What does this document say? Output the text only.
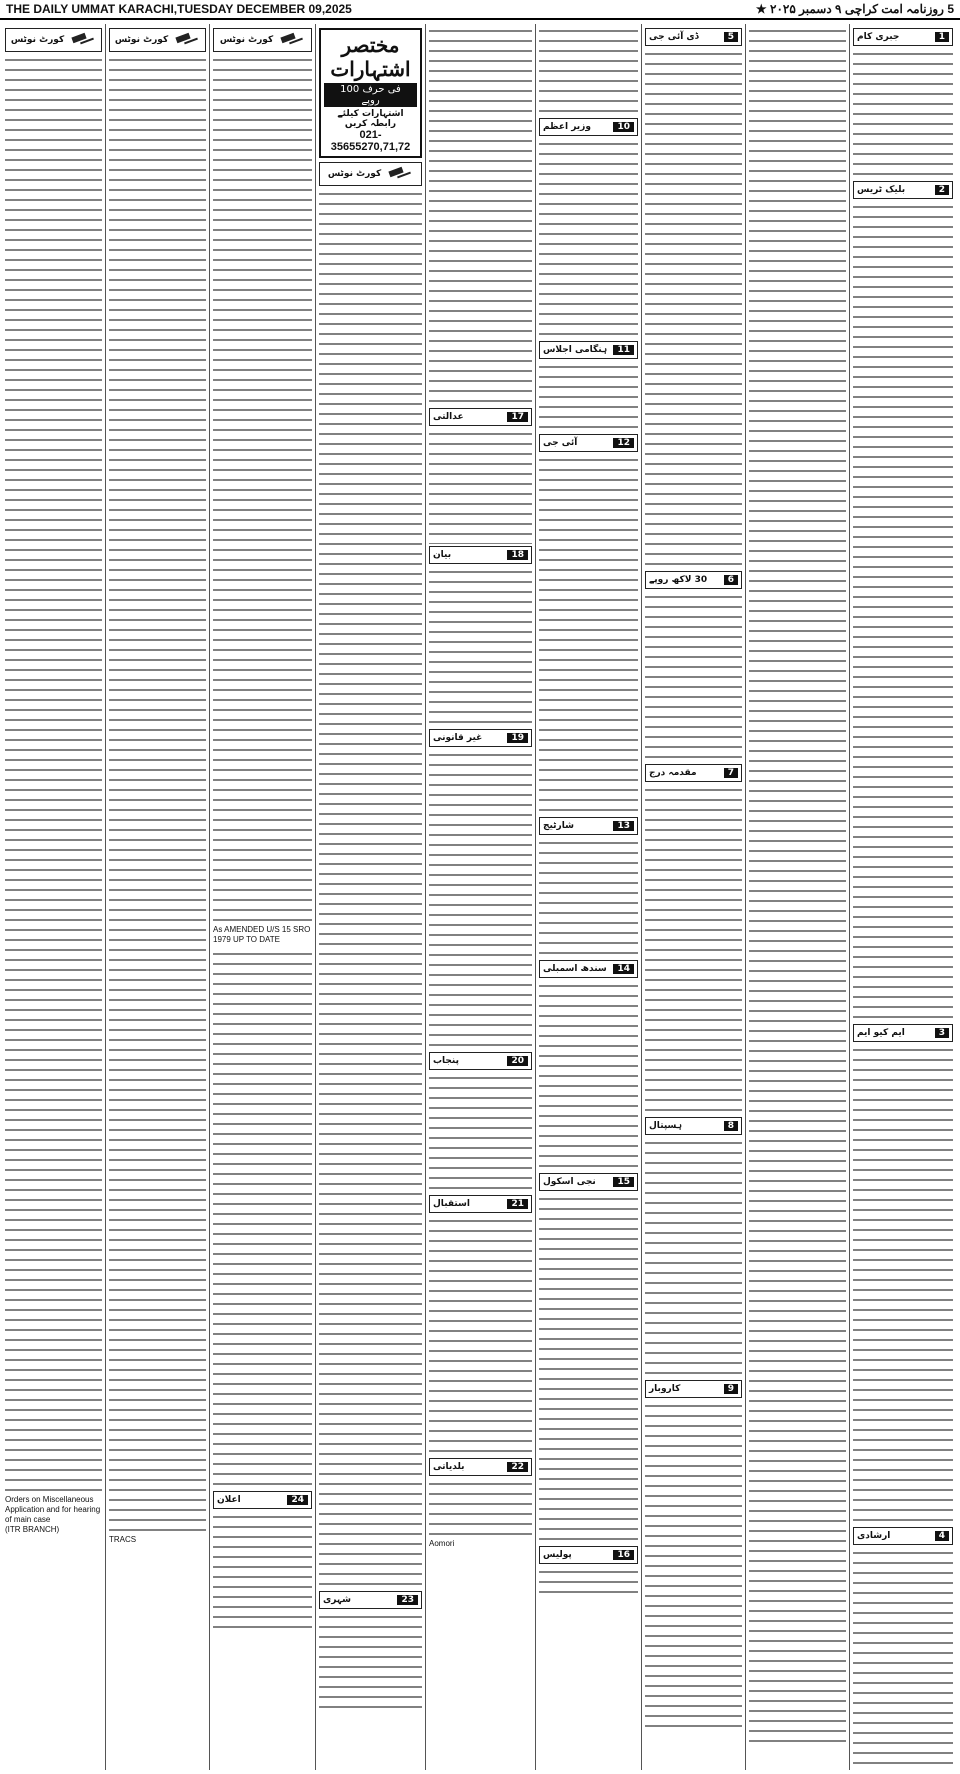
THE DAILY UMMAT KARACHI,TUESDAY DECEMBER 09,2025	5 روزنامہ امت کراچی ۹ دسمبر ۲۰۲۵ ★
کورٹ نوٹس
Orders on Miscellaneous Application and for hearing of main case
(ITR BRANCH)
کورٹ نوٹس
TRACS
کورٹ نوٹس
As AMENDED U/S 15 SRO 1979 UP TO DATE
24
اعلان
مختصر اشتہارات
فی حرف 100 روپے
اشتہارات کیلئے رابطہ کریں
021-35655270,71,72
کورٹ نوٹس
23
شہری
17
عدالتی
18
بیان
19
غیر قانونی
20
پنجاب
21
استقبال
22
بلدیاتی
Aomori
10
وزیر اعظم
11
ہنگامی اجلاس
12
آئی جی
13
شارٹیج
14
سندھ اسمبلی
15
نجی اسکول
16
پولیس
5
ڈی آئی جی
6
30 لاکھ روپے
7
مقدمہ درج
8
ہسپتال
9
کاروبار
1
جبری کام
2
بلیک ٹریس
3
ایم کیو ایم
4
ارشادی
